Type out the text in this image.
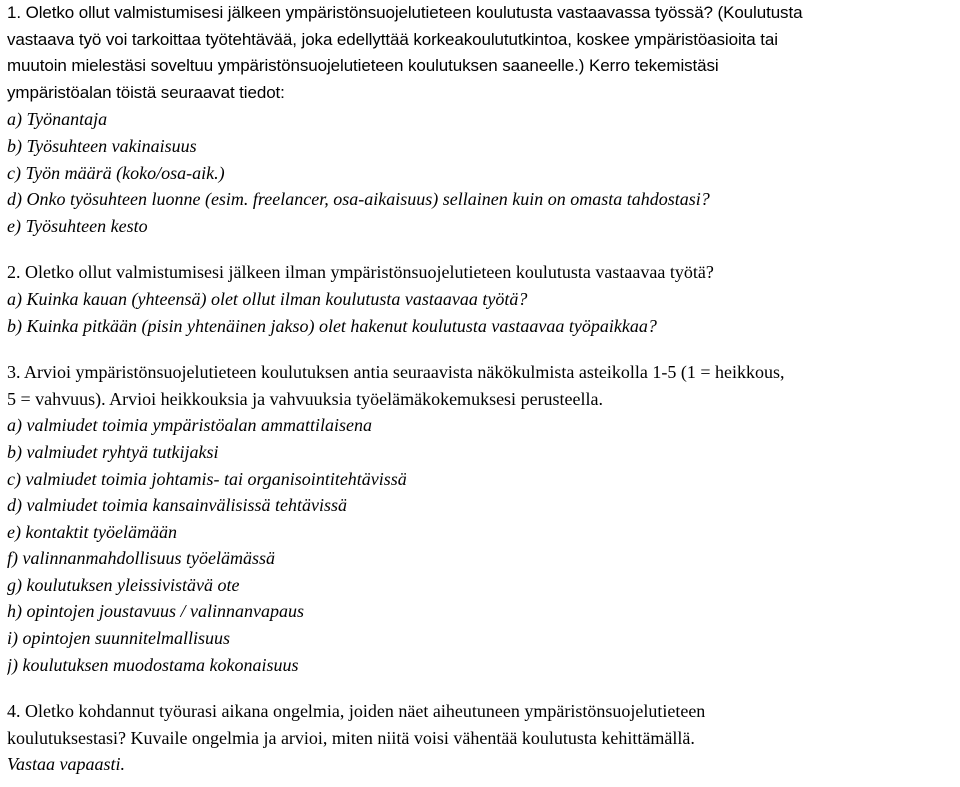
1. Oletko ollut valmistumisesi jälkeen ympäristönsuojelutieteen koulutusta vastaavassa työssä? (Koulutusta
vastaava työ voi tarkoittaa työtehtävää, joka edellyttää korkeakoulututkintoa, koskee ympäristöasioita tai
muutoin mielestäsi soveltuu ympäristönsuojelutieteen koulutuksen saaneelle.) Kerro tekemistäsi
ympäristöalan töistä seuraavat tiedot:
a) Työnantaja
b) Työsuhteen vakinaisuus
c) Työn määrä (koko/osa-aik.)
d) Onko työsuhteen luonne (esim. freelancer, osa-aikaisuus) sellainen kuin on omasta tahdostasi?
e) Työsuhteen kesto
2. Oletko ollut valmistumisesi jälkeen ilman ympäristönsuojelutieteen koulutusta vastaavaa työtä?
a) Kuinka kauan (yhteensä) olet ollut ilman koulutusta vastaavaa työtä?
b) Kuinka pitkään (pisin yhtenäinen jakso) olet hakenut koulutusta vastaavaa työpaikkaa?
3. Arvioi ympäristönsuojelutieteen koulutuksen antia seuraavista näkökulmista asteikolla 1-5 (1 = heikkous,
5 = vahvuus). Arvioi heikkouksia ja vahvuuksia työelämäkokemuksesi perusteella.
a) valmiudet toimia ympäristöalan ammattilaisena
b) valmiudet ryhtyä tutkijaksi
c) valmiudet toimia johtamis- tai organisointitehtävissä
d) valmiudet toimia kansainvälisissä tehtävissä
e) kontaktit työelämään
f) valinnanmahdollisuus työelämässä
g) koulutuksen yleissivistävä ote
h) opintojen joustavuus / valinnanvapaus
i) opintojen suunnitelmallisuus
j) koulutuksen muodostama kokonaisuus
4. Oletko kohdannut työurasi aikana ongelmia, joiden näet aiheutuneen ympäristönsuojelutieteen
koulutuksestasi? Kuvaile ongelmia ja arvioi, miten niitä voisi vähentää koulutusta kehittämällä.
Vastaa vapaasti.
